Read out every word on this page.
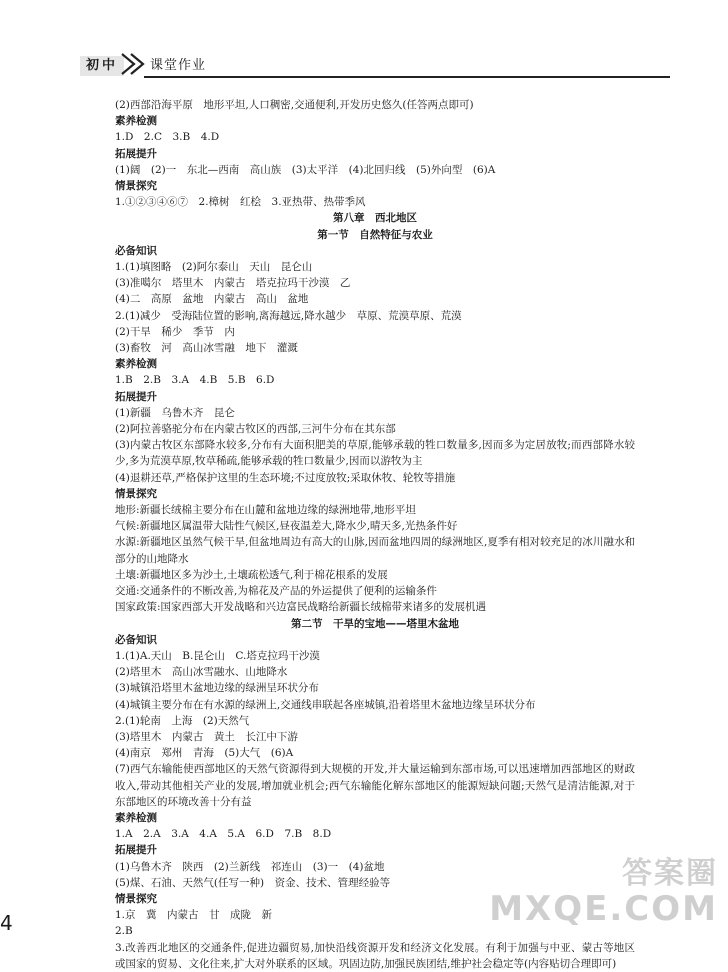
初中	课堂作业
(2)西部沿海平原　地形平坦,人口稠密,交通便利,开发历史悠久(任答两点即可)
素养检测
1.D　2.C　3.B　4.D
拓展提升
(1)阔　(2)一　东北—西南　高山族　(3)太平洋　(4)北回归线　(5)外向型　(6)A
情景探究
1.①②③④⑥⑦　2.樟树　红桧　3.亚热带、热带季风
第八章　西北地区
第一节　自然特征与农业
必备知识
1.(1)填图略　(2)阿尔泰山　天山　昆仑山
(3)准噶尔　塔里木　内蒙古　塔克拉玛干沙漠　乙
(4)二　高原　盆地　内蒙古　高山　盆地
2.(1)减少　受海陆位置的影响,离海越远,降水越少　草原、荒漠草原、荒漠
(2)干旱　稀少　季节　内
(3)畜牧　河　高山冰雪融　地下　灌溉
素养检测
1.B　2.B　3.A　4.B　5.B　6.D
拓展提升
(1)新疆　乌鲁木齐　昆仑
(2)阿拉善骆驼分布在内蒙古牧区的西部,三河牛分布在其东部
(3)内蒙古牧区东部降水较多,分布有大面积肥美的草原,能够承载的牲口数量多,因而多为定居放牧;而西部降水较少,多为荒漠草原,牧草稀疏,能够承载的牲口数量少,因而以游牧为主
(4)退耕还草,严格保护这里的生态环境;不过度放牧;采取休牧、轮牧等措施
情景探究
地形:新疆长绒棉主要分布在山麓和盆地边缘的绿洲地带,地形平坦
气候:新疆地区属温带大陆性气候区,昼夜温差大,降水少,晴天多,光热条件好
水源:新疆地区虽然气候干旱,但盆地周边有高大的山脉,因而盆地四周的绿洲地区,夏季有相对较充足的冰川融水和部分的山地降水
土壤:新疆地区多为沙土,土壤疏松透气,利于棉花根系的发展
交通:交通条件的不断改善,为棉花及产品的外运提供了便利的运输条件
国家政策:国家西部大开发战略和兴边富民战略给新疆长绒棉带来诸多的发展机遇
第二节　干旱的宝地——塔里木盆地
必备知识
1.(1)A.天山　B.昆仑山　C.塔克拉玛干沙漠
(2)塔里木　高山冰雪融水、山地降水
(3)城镇沿塔里木盆地边缘的绿洲呈环状分布
(4)城镇主要分布在有水源的绿洲上,交通线串联起各座城镇,沿着塔里木盆地边缘呈环状分布
2.(1)轮南　上海　(2)天然气
(3)塔里木　内蒙古　黄土　长江中下游
(4)南京　郑州　青海　(5)大气　(6)A
(7)西气东输能使西部地区的天然气资源得到大规模的开发,并大量运输到东部市场,可以迅速增加西部地区的财政收入,带动其他相关产业的发展,增加就业机会;西气东输能化解东部地区的能源短缺问题;天然气是清洁能源,对于东部地区的环境改善十分有益
素养检测
1.A　2.A　3.A　4.A　5.A　6.D　7.B　8.D
拓展提升
(1)乌鲁木齐　陕西　(2)兰新线　祁连山　(3)一　(4)盆地
(5)煤、石油、天然气(任写一种)　资金、技术、管理经验等
情景探究
1.京　冀　内蒙古　甘　成陇　新
2.B
3.改善西北地区的交通条件,促进边疆贸易,加快沿线资源开发和经济文化发展。有利于加强与中亚、蒙古等地区或国家的贸易、文化往来,扩大对外联系的区域。巩固边防,加强民族团结,维护社会稳定等(内容贴切合理即可)
4
答案圈
MXQE.COM
